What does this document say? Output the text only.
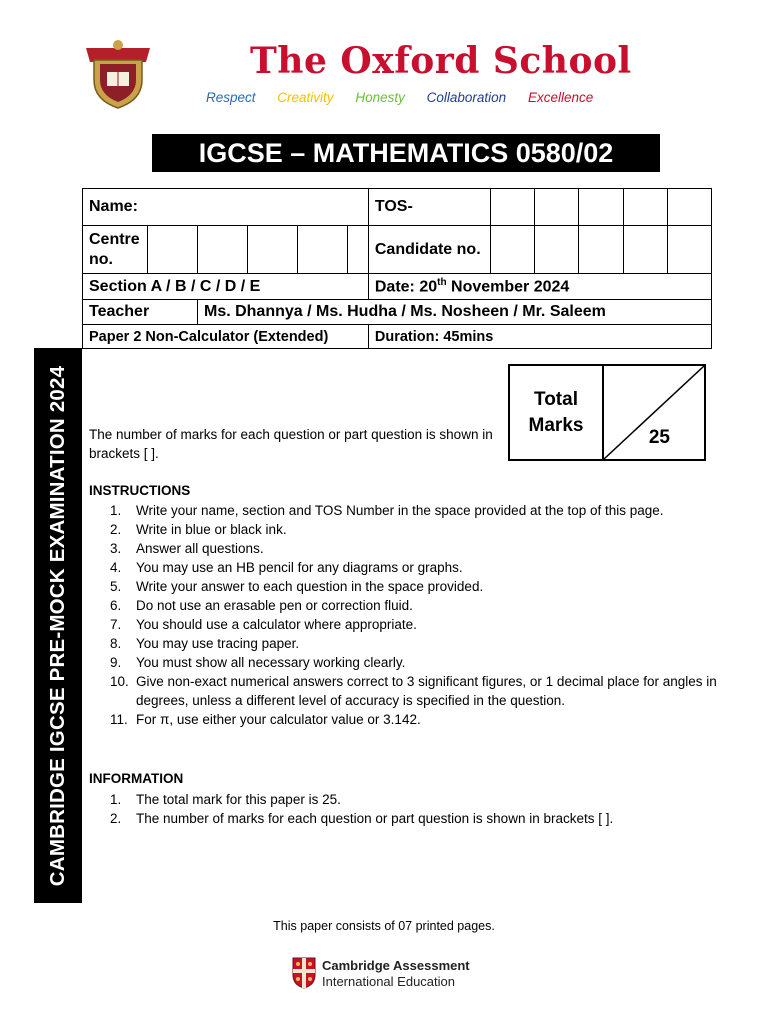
The Oxford School
Respect Creativity Honesty Collaboration Excellence
IGCSE – MATHEMATICS 0580/02
Name:						TOS-					
Centre no.						Candidate no.					
Section A / B / C / D / E						Date: 20th November 2024					
Teacher		Ms. Dhannya / Ms. Hudha / Ms. Nosheen / Mr. Saleem									
Paper 2 Non-Calculator (Extended)						Duration: 45mins					
CAMBRIDGE IGCSE PRE-MOCK EXAMINATION 2024	Total Marks
25
The number of marks for each question or part question is shown in brackets [ ].
INSTRUCTIONS
1.	Write your name, section and TOS Number in the space provided at the top of this page.
2.	Write in blue or black ink.
3.	Answer all questions.
4.	You may use an HB pencil for any diagrams or graphs.
5.	Write your answer to each question in the space provided.
6.	Do not use an erasable pen or correction fluid.
7.	You should use a calculator where appropriate.
8.	You may use tracing paper.
9.	You must show all necessary working clearly.
10. Give non-exact numerical answers correct to 3 significant figures, or 1 decimal place for angles in degrees, unless a different level of accuracy is specified in the question.
11. For π, use either your calculator value or 3.142.
INFORMATION
1. The total mark for this paper is 25.
2. The number of marks for each question or part question is shown in brackets [ ].
This paper consists of 07 printed pages.
Cambridge Assessment
International Education
